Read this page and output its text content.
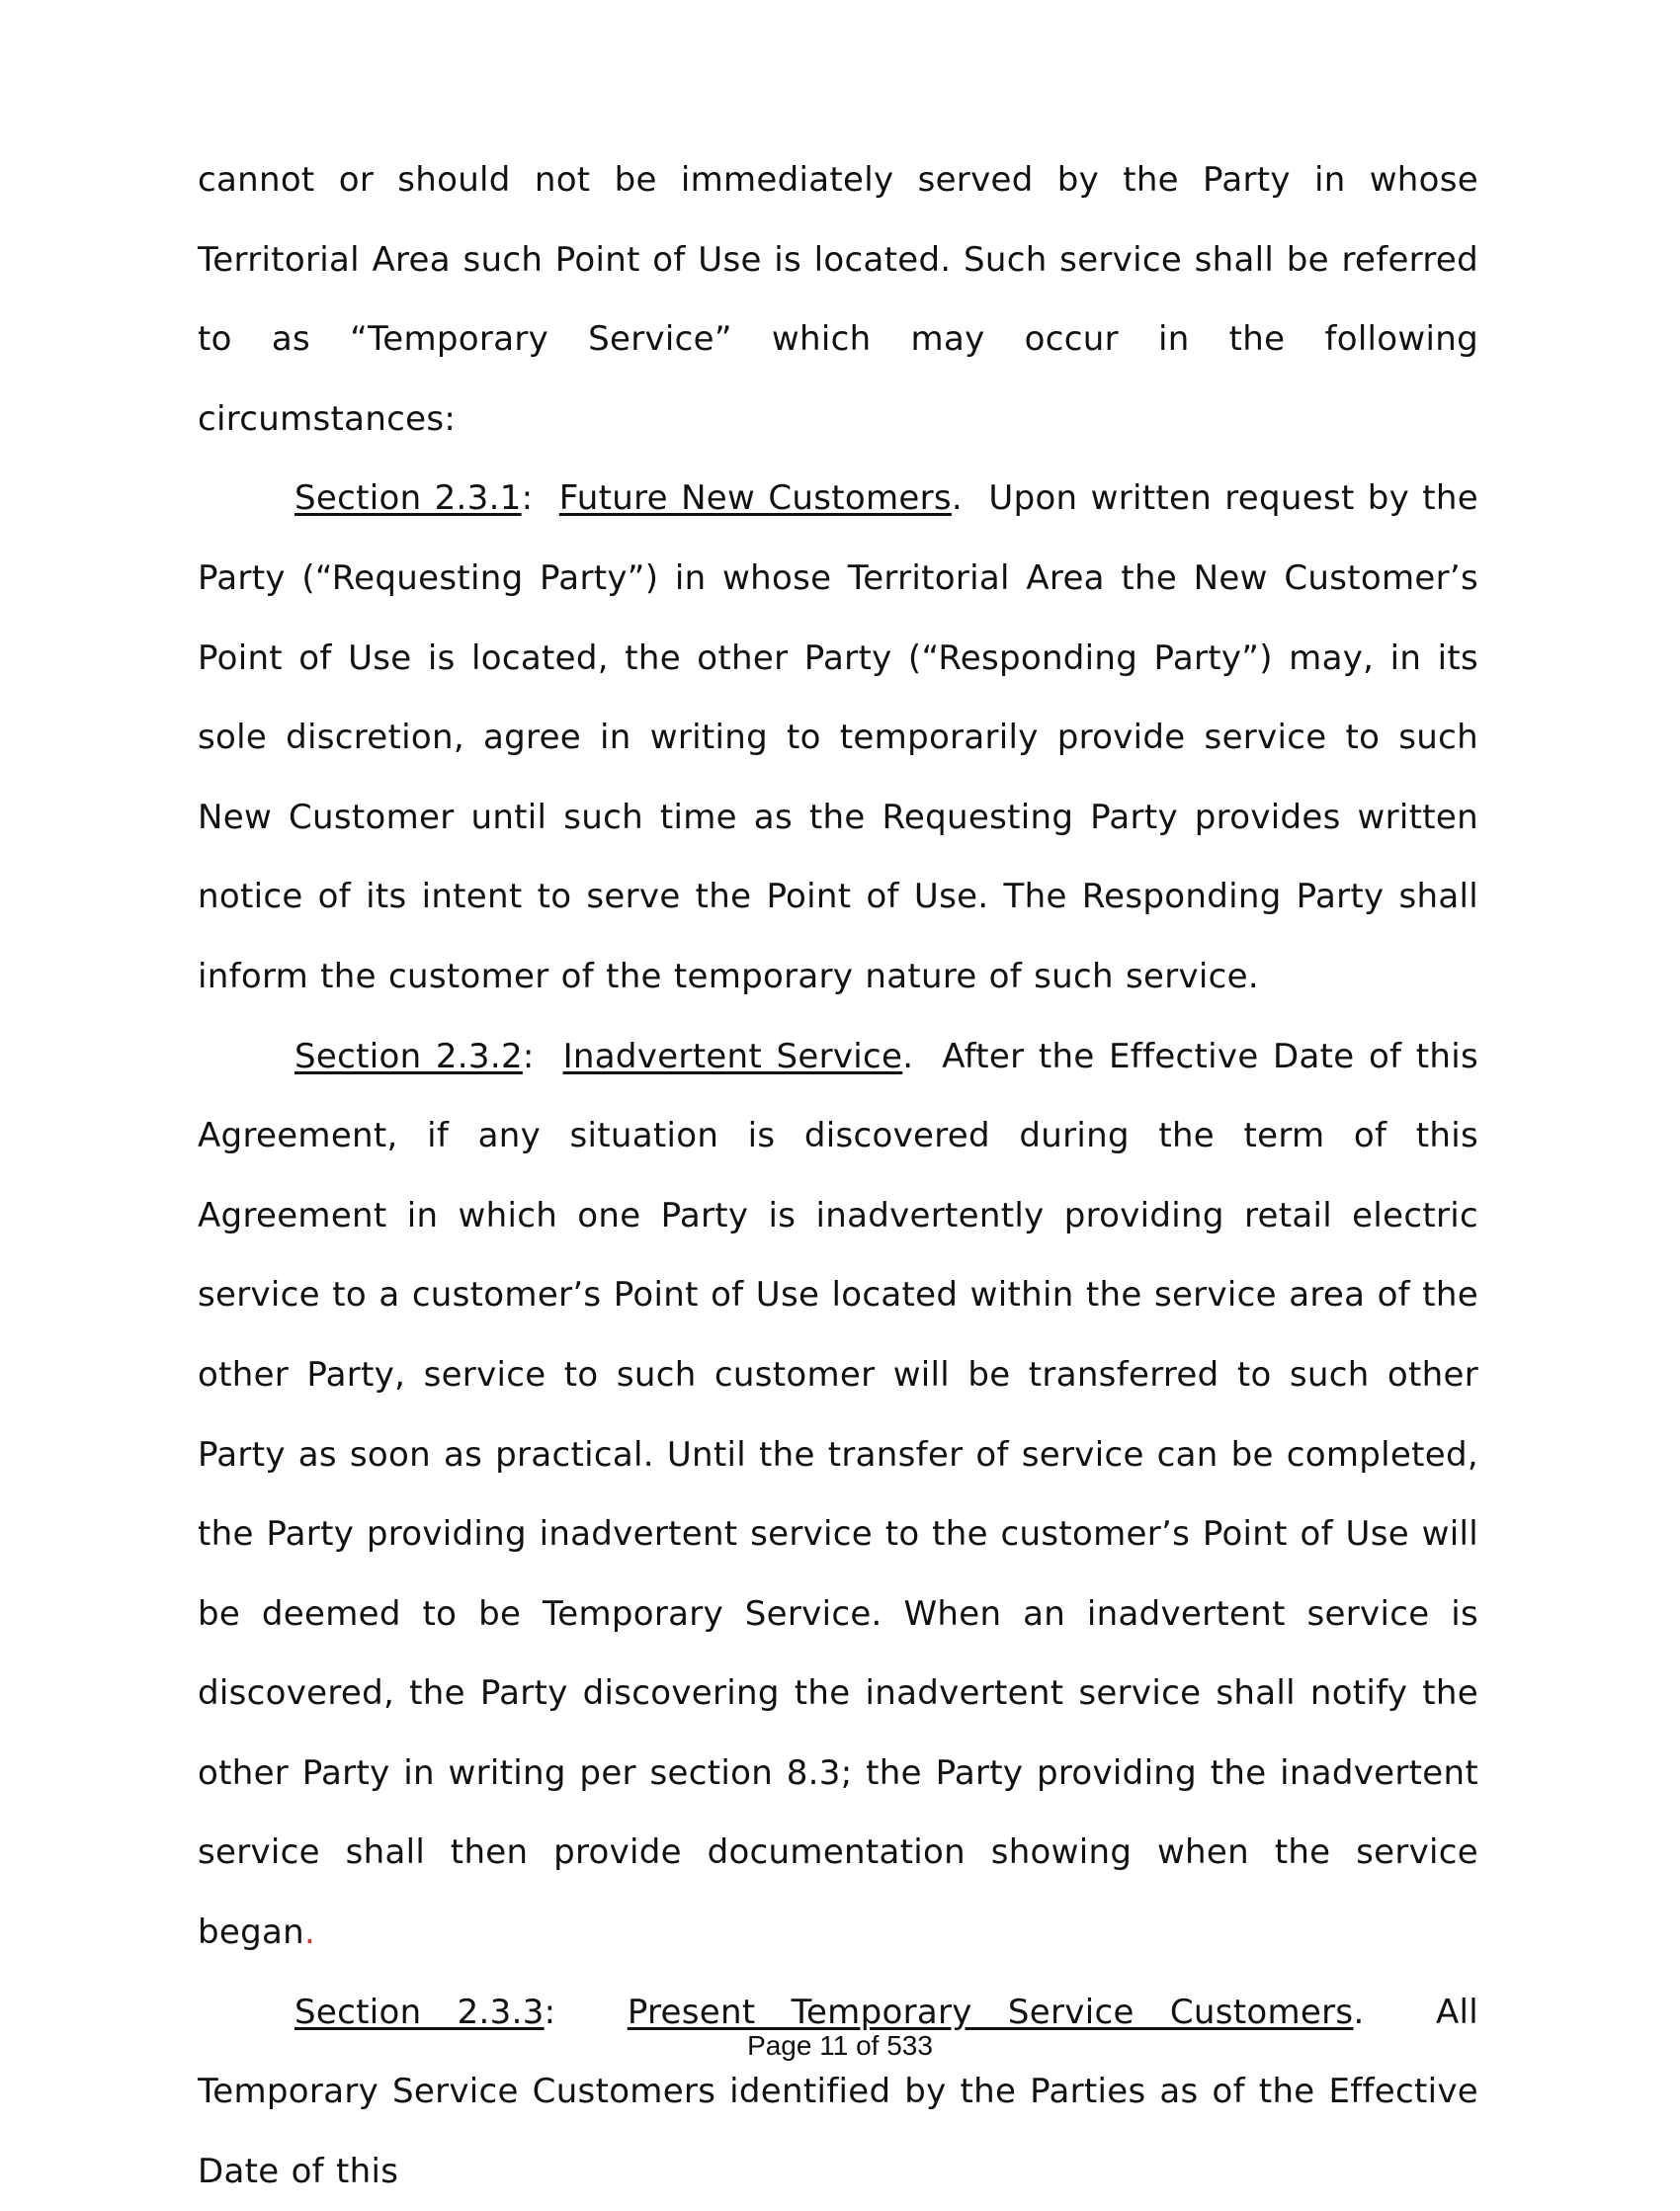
cannot or should not be immediately served by the Party in whose Territorial Area such Point of Use is located. Such service shall be referred to as “Temporary Service” which may occur in the following circumstances:

Section 2.3.1: Future New Customers. Upon written request by the Party (“Requesting Party”) in whose Territorial Area the New Customer’s Point of Use is located, the other Party (“Responding Party”) may, in its sole discretion, agree in writing to temporarily provide service to such New Customer until such time as the Requesting Party provides written notice of its intent to serve the Point of Use. The Responding Party shall inform the customer of the temporary nature of such service.

Section 2.3.2: Inadvertent Service. After the Effective Date of this Agreement, if any situation is discovered during the term of this Agreement in which one Party is inadvertently providing retail electric service to a customer’s Point of Use located within the service area of the other Party, service to such customer will be transferred to such other Party as soon as practical. Until the transfer of service can be completed, the Party providing inadvertent service to the customer’s Point of Use will be deemed to be Temporary Service. When an inadvertent service is discovered, the Party discovering the inadvertent service shall notify the other Party in writing per section 8.3; the Party providing the inadvertent service shall then provide documentation showing when the service began.

Section 2.3.3: Present Temporary Service Customers. All Temporary Service Customers identified by the Parties as of the Effective Date of this

Page 11 of 533
